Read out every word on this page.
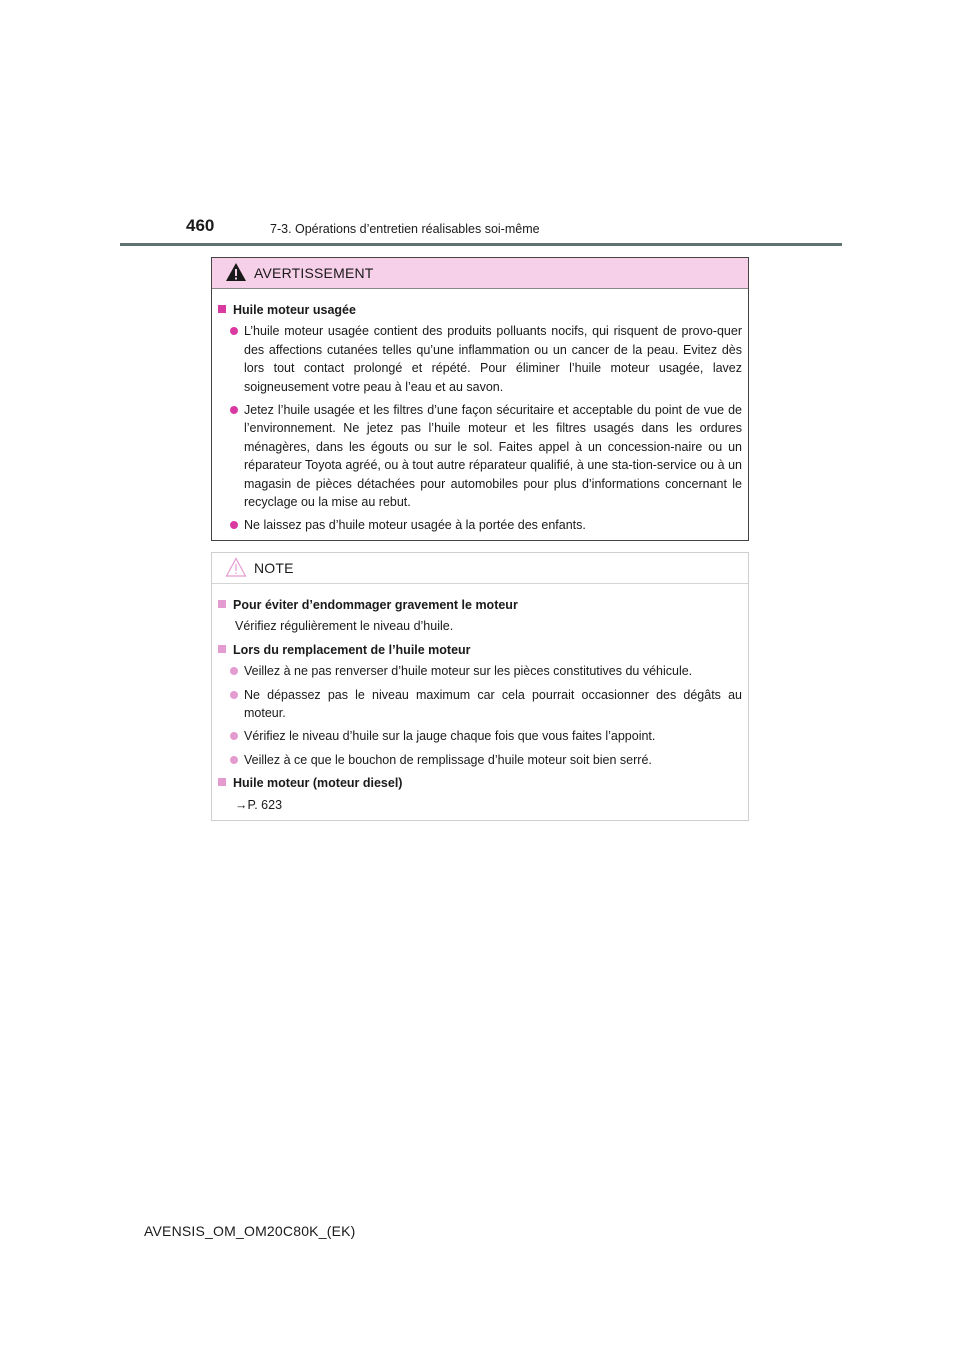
460	7-3. Opérations d’entretien réalisables soi-même
AVERTISSEMENT
Huile moteur usagée
L’huile moteur usagée contient des produits polluants nocifs, qui risquent de provo-quer des affections cutanées telles qu’une inflammation ou un cancer de la peau. Evitez dès lors tout contact prolongé et répété. Pour éliminer l’huile moteur usagée, lavez soigneusement votre peau à l’eau et au savon.
Jetez l’huile usagée et les filtres d’une façon sécuritaire et acceptable du point de vue de l’environnement. Ne jetez pas l’huile moteur et les filtres usagés dans les ordures ménagères, dans les égouts ou sur le sol. Faites appel à un concession-naire ou un réparateur Toyota agréé, ou à tout autre réparateur qualifié, à une sta-tion-service ou à un magasin de pièces détachées pour automobiles pour plus d’informations concernant le recyclage ou la mise au rebut.
Ne laissez pas d’huile moteur usagée à la portée des enfants.
NOTE
Pour éviter d’endommager gravement le moteur
Vérifiez régulièrement le niveau d’huile.
Lors du remplacement de l’huile moteur
Veillez à ne pas renverser d’huile moteur sur les pièces constitutives du véhicule.
Ne dépassez pas le niveau maximum car cela pourrait occasionner des dégâts au moteur.
Vérifiez le niveau d’huile sur la jauge chaque fois que vous faites l’appoint.
Veillez à ce que le bouchon de remplissage d’huile moteur soit bien serré.
Huile moteur (moteur diesel)
→P. 623
AVENSIS_OM_OM20C80K_(EK)
